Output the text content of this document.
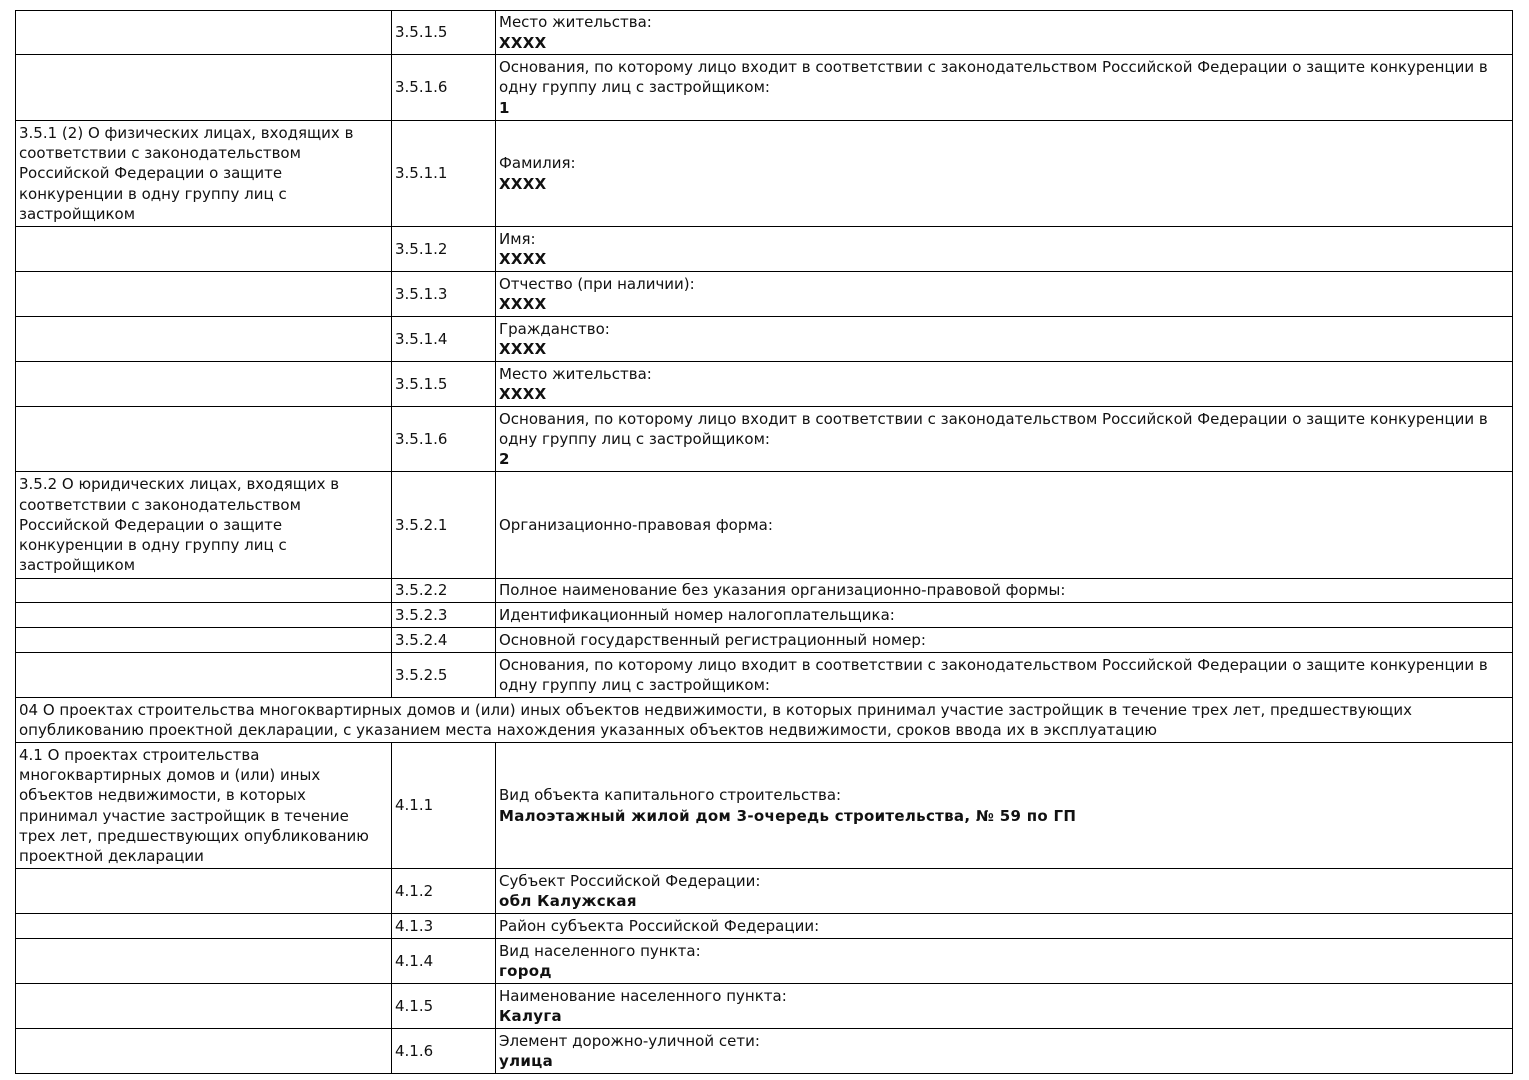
	3.5.1.5	Место жительства:
XXXX

	3.5.1.6	Основания, по которому лицо входит в соответствии с законодательством Российской Федерации о защите конкуренции в одну группу лиц с застройщиком:
1

3.5.1 (2) О физических лицах, входящих в соответствии с законодательством Российской Федерации о защите конкуренции в одну группу лиц с застройщиком	3.5.1.1	Фамилия:
XXXX

	3.5.1.2	Имя:
XXXX

	3.5.1.3	Отчество (при наличии):
XXXX

	3.5.1.4	Гражданство:
XXXX

	3.5.1.5	Место жительства:
XXXX

	3.5.1.6	Основания, по которому лицо входит в соответствии с законодательством Российской Федерации о защите конкуренции в одну группу лиц с застройщиком:
2

3.5.2 О юридических лицах, входящих в соответствии с законодательством Российской Федерации о защите конкуренции в одну группу лиц с застройщиком	3.5.2.1	Организационно-правовая форма:

	3.5.2.2	Полное наименование без указания организационно-правовой формы:

	3.5.2.3	Идентификационный номер налогоплательщика:

	3.5.2.4	Основной государственный регистрационный номер:

	3.5.2.5	Основания, по которому лицо входит в соответствии с законодательством Российской Федерации о защите конкуренции в одну группу лиц с застройщиком:

04 О проектах строительства многоквартирных домов и (или) иных объектов недвижимости, в которых принимал участие застройщик в течение трех лет, предшествующих опубликованию проектной декларации, с указанием места нахождения указанных объектов недвижимости, сроков ввода их в эксплуатацию		
4.1 О проектах строительства многоквартирных домов и (или) иных объектов недвижимости, в которых принимал участие застройщик в течение трех лет, предшествующих опубликованию проектной декларации	4.1.1	Вид объекта капитального строительства:
Малоэтажный жилой дом 3-очередь строительства, № 59 по ГП

	4.1.2	Субъект Российской Федерации:
обл Калужская

	4.1.3	Район субъекта Российской Федерации:

	4.1.4	Вид населенного пункта:
город

	4.1.5	Наименование населенного пункта:
Калуга

	4.1.6	Элемент дорожно-уличной сети:
улица
